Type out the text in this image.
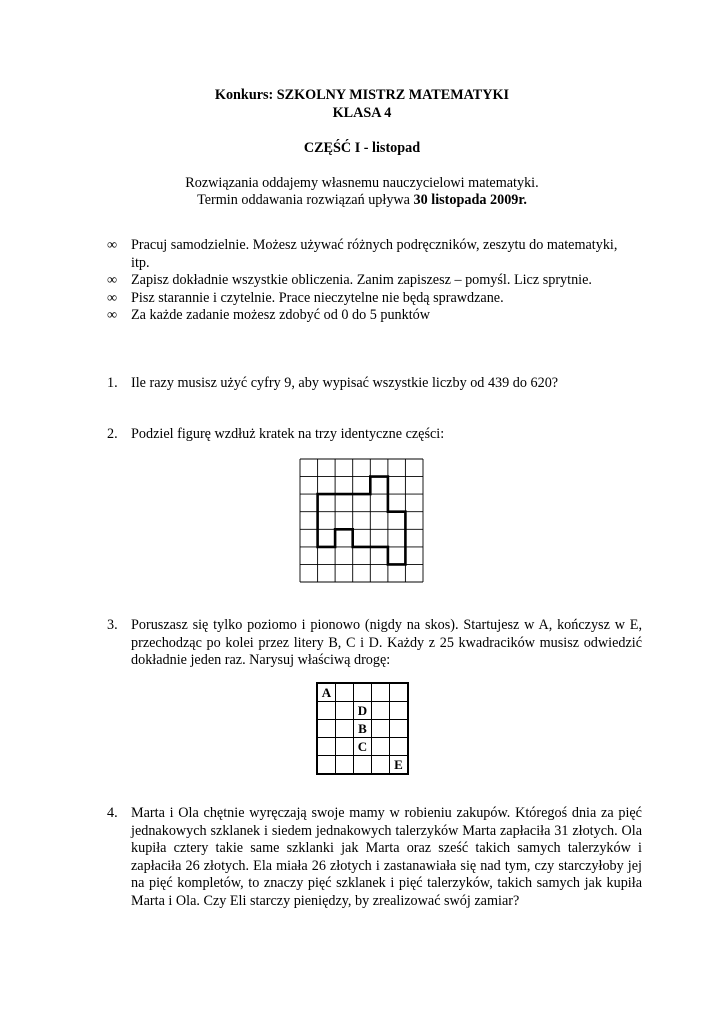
Konkurs: SZKOLNY MISTRZ MATEMATYKI
KLASA 4
CZĘŚĆ I - listopad
Rozwiązania oddajemy własnemu nauczycielowi matematyki.
Termin oddawania rozwiązań upływa 30 listopada 2009r.
∞ Pracuj samodzielnie. Możesz używać różnych podręczników, zeszytu do matematyki, itp.
∞ Zapisz dokładnie wszystkie obliczenia. Zanim zapiszesz – pomyśl. Licz sprytnie.
∞ Pisz starannie i czytelnie. Prace nieczytelne nie będą sprawdzane.
∞ Za każde zadanie możesz zdobyć od 0 do 5 punktów
1. Ile razy musisz użyć cyfry 9, aby wypisać wszystkie liczby od 439 do 620?
2. Podziel figurę wzdłuż kratek na trzy identyczne części:
3. Poruszasz się tylko poziomo i pionowo (nigdy na skos). Startujesz w A, kończysz w E, przechodząc po kolei przez litery B, C i D. Każdy z 25 kwadracików musisz odwiedzić dokładnie jeden raz. Narysuj właściwą drogę:
A				
		D		
		B		
		C		
				E
4. Marta i Ola chętnie wyręczają swoje mamy w robieniu zakupów. Któregoś dnia za pięć jednakowych szklanek i siedem jednakowych talerzyków Marta zapłaciła 31 złotych. Ola kupiła cztery takie same szklanki jak Marta oraz sześć takich samych talerzyków i zapłaciła 26 złotych. Ela miała 26 złotych i zastanawiała się nad tym, czy starczyłoby jej na pięć kompletów, to znaczy pięć szklanek i pięć talerzyków, takich samych jak kupiła Marta i Ola. Czy Eli starczy pieniędzy, by zrealizować swój zamiar?
